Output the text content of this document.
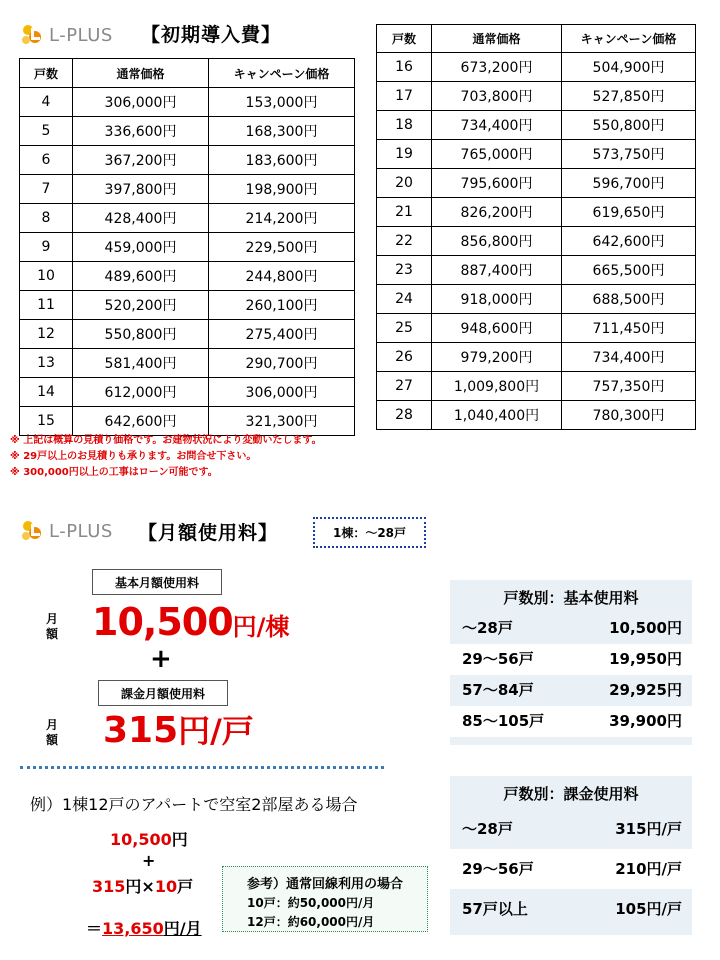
L-PLUS 【初期導入費】
戸数	通常価格	キャンペーン価格
4	306,000円	153,000円
5	336,600円	168,300円
6	367,200円	183,600円
7	397,800円	198,900円
8	428,400円	214,200円
9	459,000円	229,500円
10	489,600円	244,800円
11	520,200円	260,100円
12	550,800円	275,400円
13	581,400円	290,700円
14	612,000円	306,000円
15	642,600円	321,300円
戸数	通常価格	キャンペーン価格
16	673,200円	504,900円
17	703,800円	527,850円
18	734,400円	550,800円
19	765,000円	573,750円
20	795,600円	596,700円
21	826,200円	619,650円
22	856,800円	642,600円
23	887,400円	665,500円
24	918,000円	688,500円
25	948,600円	711,450円
26	979,200円	734,400円
27	1,009,800円	757,350円
28	1,040,400円	780,300円
※ 上記は概算の見積り価格です。お建物状況により変動いたします。
※ 29戸以上のお見積りも承ります。お問合せ下さい。
※ 300,000円以上の工事はローン可能です。
L-PLUS 【月額使用料】	1棟：～28戸
基本月額使用料
月
額 10,500円/棟
+
課金月額使用料
月
額 315円/戸
例）1棟12戸のアパートで空室2部屋ある場合
10,500円
+
315円×10戸
＝13,650円/月
参考）通常回線利用の場合
10戸：約50,000円/月
12戸：約60,000円/月
戸数別：基本使用料
～28戸	10,500円
29～56戸	19,950円
57～84戸	29,925円
85～105戸	39,900円
戸数別：課金使用料
～28戸	315円/戸
29～56戸	210円/戸
57戸以上	105円/戸
